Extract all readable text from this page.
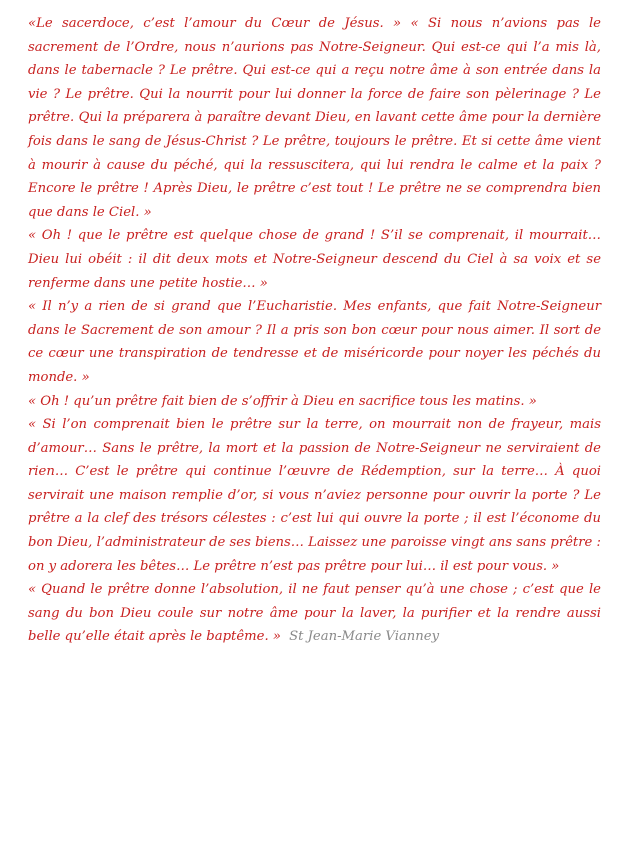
«Le sacerdoce, c’est l’amour du Cœur de Jésus. » « Si nous n’avions pas le sacrement de l’Ordre, nous n’aurions pas Notre-Seigneur. Qui est-ce qui l’a mis là, dans le tabernacle ? Le prêtre. Qui est-ce qui a reçu notre âme à son entrée dans la vie ? Le prêtre. Qui la nourrit pour lui donner la force de faire son pèlerinage ? Le prêtre. Qui la préparera à paraître devant Dieu, en lavant cette âme pour la dernière fois dans le sang de Jésus-Christ ? Le prêtre, toujours le prêtre. Et si cette âme vient à mourir à cause du péché, qui la ressuscitera, qui lui rendra le calme et la paix ? Encore le prêtre ! Après Dieu, le prêtre c’est tout ! Le prêtre ne se comprendra bien que dans le Ciel. »

« Oh ! que le prêtre est quelque chose de grand ! S’il se comprenait, il mourrait… Dieu lui obéit : il dit deux mots et Notre-Seigneur descend du Ciel à sa voix et se renferme dans une petite hostie… »

« Il n’y a rien de si grand que l’Eucharistie. Mes enfants, que fait Notre-Seigneur dans le Sacrement de son amour ? Il a pris son bon cœur pour nous aimer. Il sort de ce cœur une transpiration de tendresse et de miséricorde pour noyer les péchés du monde. »

« Oh ! qu’un prêtre fait bien de s’offrir à Dieu en sacrifice tous les matins. »

« Si l’on comprenait bien le prêtre sur la terre, on mourrait non de frayeur, mais d’amour… Sans le prêtre, la mort et la passion de Notre-Seigneur ne serviraient de rien… C’est le prêtre qui continue l’œuvre de Rédemption, sur la terre… À quoi servirait une maison remplie d’or, si vous n’aviez personne pour ouvrir la porte ? Le prêtre a la clef des trésors célestes : c’est lui qui ouvre la porte ; il est l’économe du bon Dieu, l’administrateur de ses biens… Laissez une paroisse vingt ans sans prêtre : on y adorera les bêtes… Le prêtre n’est pas prêtre pour lui… il est pour vous. »

« Quand le prêtre donne l’absolution, il ne faut penser qu’à une chose ; c’est que le sang du bon Dieu coule sur notre âme pour la laver, la purifier et la rendre aussi belle qu’elle était après le baptême. » St Jean-Marie Vianney
